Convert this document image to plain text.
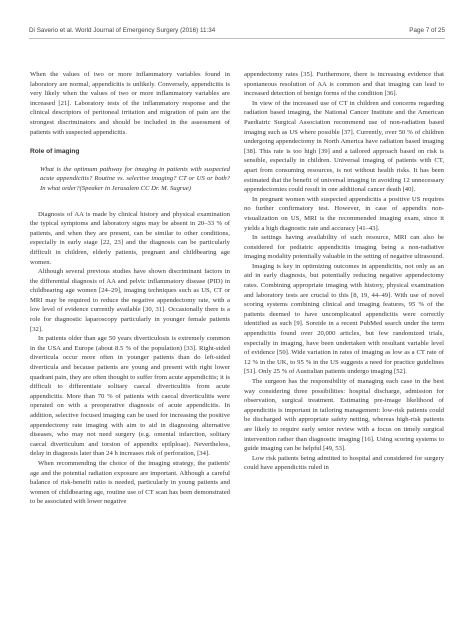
Di Saverio et al. World Journal of Emergency Surgery (2016) 11:34	Page 7 of 25

When the values of two or more inflammatory variables found in laboratory are normal, appendicitis is unlikely. Conversely, appendicitis is very likely when the values of two or more inflammatory variables are increased [21]. Laboratory tests of the inflammatory response and the clinical descriptors of peritoneal irritation and migration of pain are the strongest discriminators and should be included in the assessment of patients with suspected appendicitis.

Role of imaging

What is the optimum pathway for imaging in patients with suspected acute appendicitis? Routine vs. selective imaging? CT or US or both? In what order?(Speaker in Jerusalem CC Dr. M. Sugrue)

Diagnosis of AA is made by clinical history and physical examination the typical symptoms and laboratory signs may be absent in 20–33 % of patients, and when they are present, can be similar to other conditions, especially in early stage [22, 23] and the diagnosis can be particularly difficult in children, elderly patients, pregnant and childbearing age women.

Although several previous studies have shown discriminant factors in the differential diagnosis of AA and pelvic inflammatory disease (PID) in childbearing age women [24–29], imaging techniques such as US, CT or MRI may be required to reduce the negative appendectomy rate, with a low level of evidence currently available [30, 31]. Occasionally there is a role for diagnostic laparoscopy particularly in younger female patients [32].

In patients older than age 50 years diverticulosis is extremely common in the USA and Europe (about 8.5 % of the population) [33]. Right-sided diverticula occur more often in younger patients than do left-sided diverticula and because patients are young and present with right lower quadrant pain, they are often thought to suffer from acute appendicitis; it is difficult to differentiate solitary caecal diverticulitis from acute appendicitis. More than 70 % of patients with caecal diverticulitis were operated on with a preoperative diagnosis of acute appendicitis. In addition, selective focused imaging can be used for increasing the positive appendectomy rate imaging with aim to aid in diagnosing alternative diseases, who may not need surgery (e.g. omental infarction, solitary caecal diverticulum and torsion of appendix epilploae). Nevertheless, delay in diagnosis later than 24 h increases risk of perforation, [34].

When recommending the choice of the imaging strategy, the patients' age and the potential radiation exposure are important. Although a careful balance of risk-benefit ratio is needed, particularly in young patients and women of childbearing age, routine use of CT scan has been demonstrated to be associated with lower negative

appendectomy rates [35]. Furthermore, there is increasing evidence that spontaneous resolution of AA is common and that imaging can lead to increased detection of benign forms of the condition [36].

In view of the increased use of CT in children and concerns regarding radiation based imaging, the National Cancer Institute and the American Paediatric Surgical Association recommend use of non-radiation based imaging such as US where possible [37]. Currently, over 50 % of children undergoing appendectomy in North America have radiation based imaging [38]. This rate is too high [39] and a tailored approach based on risk is sensible, especially in children. Universal imaging of patients with CT, apart from consuming resources, is not without health risks. It has been estimated that the benefit of universal imaging in avoiding 12 unnecessary appendectomies could result in one additional cancer death [40].

In pregnant women with suspected appendicitis a positive US requires no further confirmatory test. However, in case of appendix non-visualization on US, MRI is the recommended imaging exam, since it yields a high diagnostic rate and accuracy [41–43].

In settings having availability of such resource, MRI can also be considered for pediatric appendicitis imaging being a non-radiative imaging modality potentially valuable in the setting of negative ultrasound.

Imaging is key in optimizing outcomes in appendicitis, not only as an aid in early diagnosis, but potentially reducing negative appendectomy rates. Combining appropriate imaging with history, physical examination and laboratory tests are crucial to this [8, 19, 44–49]. With use of novel scoring systems combining clinical and imaging features, 95 % of the patients deemed to have uncomplicated appendicitis were correctly identified as such [9]. Soreide in a recent PubMed search under the term appendicitis found over 20,000 articles, but few randomized trials, especially in imaging, have been undertaken with resultant variable level of evidence [50]. Wide variation in rates of imaging as low as a CT rate of 12 % in the UK, to 95 % in the US suggests a need for practice guidelines [51]. Only 25 % of Australian patients undergo imaging [52].

The surgeon has the responsibility of managing each case in the best way considering three possibilities: hospital discharge, admission for observation, surgical treatment. Estimating pre-image likelihood of appendicitis is important in tailoring management: low-risk patients could be discharged with appropriate safety netting, whereas high-risk patients are likely to require early senior review with a focus on timely surgical intervention rather than diagnostic imaging [16]. Using scoring systems to guide imaging can be helpful [49, 53].

Low risk patients being admitted to hospital and considered for surgery could have appendicitis ruled in
